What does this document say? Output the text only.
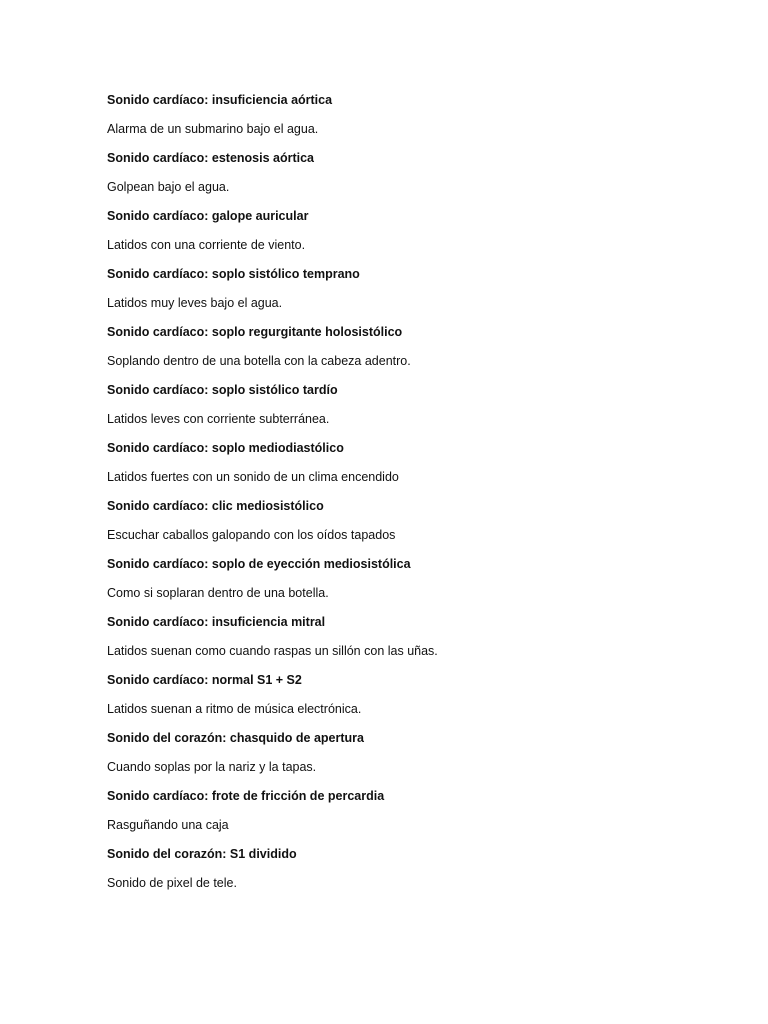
Sonido cardíaco: insuficiencia aórtica
Alarma de un submarino bajo el agua.
Sonido cardíaco: estenosis aórtica
Golpean bajo el agua.
Sonido cardíaco: galope auricular
Latidos con una corriente de viento.
Sonido cardíaco: soplo sistólico temprano
Latidos muy leves bajo el agua.
Sonido cardíaco: soplo regurgitante holosistólico
Soplando dentro de una botella con la cabeza adentro.
Sonido cardíaco: soplo sistólico tardío
Latidos leves con corriente subterránea.
Sonido cardíaco: soplo mediodiastólico
Latidos fuertes con un sonido de un clima encendido
Sonido cardíaco: clic mediosistólico
Escuchar caballos galopando con los oídos tapados
Sonido cardíaco: soplo de eyección mediosistólica
Como si soplaran dentro de una botella.
Sonido cardíaco: insuficiencia mitral
Latidos suenan como cuando raspas un sillón con las uñas.
Sonido cardíaco: normal S1 + S2
Latidos suenan a ritmo de música electrónica.
Sonido del corazón: chasquido de apertura
Cuando soplas por la nariz y la tapas.
Sonido cardíaco: frote de fricción de percardia
Rasguñando una caja
Sonido del corazón: S1 dividido
Sonido de pixel de tele.
